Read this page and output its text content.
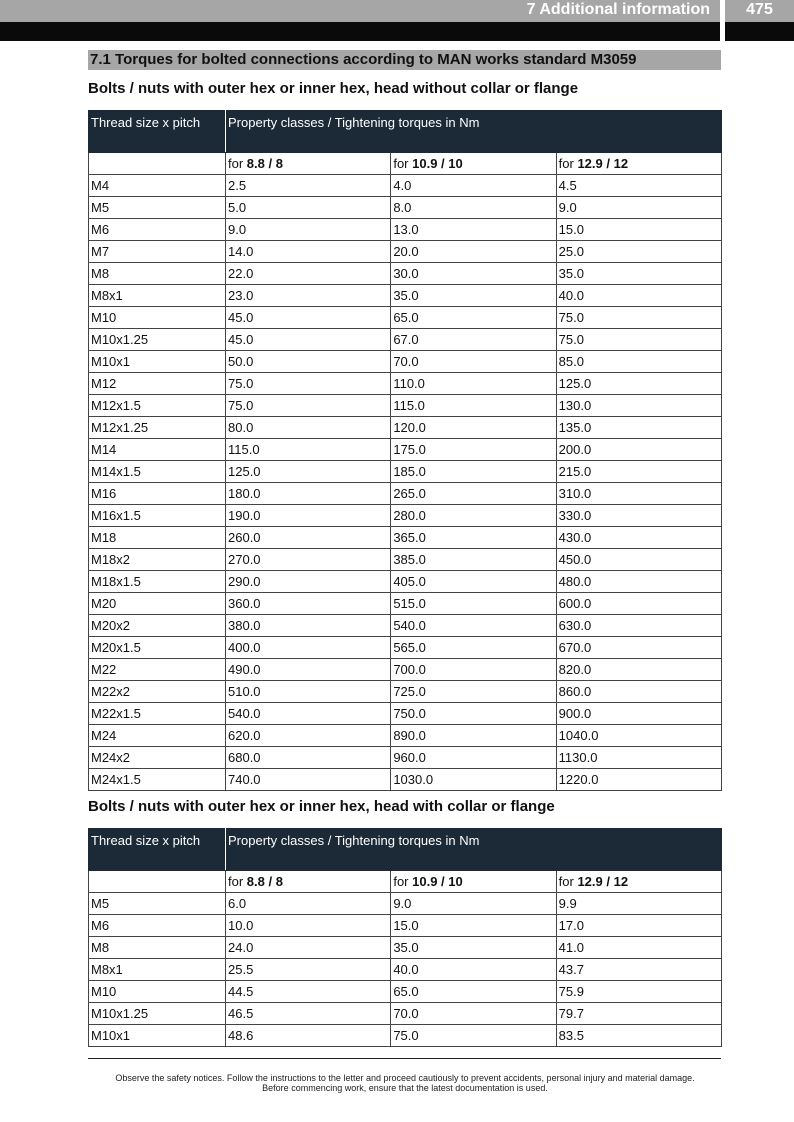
7 Additional information	475
7.1 Torques for bolted connections according to MAN works standard M3059
Bolts / nuts with outer hex or inner hex, head without collar or flange
Thread size x pitch	Property classes / Tightening torques in Nm		
	for 8.8 / 8	for 10.9 / 10	for 12.9 / 12
M4	2.5	4.0	4.5
M5	5.0	8.0	9.0
M6	9.0	13.0	15.0
M7	14.0	20.0	25.0
M8	22.0	30.0	35.0
M8x1	23.0	35.0	40.0
M10	45.0	65.0	75.0
M10x1.25	45.0	67.0	75.0
M10x1	50.0	70.0	85.0
M12	75.0	110.0	125.0
M12x1.5	75.0	115.0	130.0
M12x1.25	80.0	120.0	135.0
M14	115.0	175.0	200.0
M14x1.5	125.0	185.0	215.0
M16	180.0	265.0	310.0
M16x1.5	190.0	280.0	330.0
M18	260.0	365.0	430.0
M18x2	270.0	385.0	450.0
M18x1.5	290.0	405.0	480.0
M20	360.0	515.0	600.0
M20x2	380.0	540.0	630.0
M20x1.5	400.0	565.0	670.0
M22	490.0	700.0	820.0
M22x2	510.0	725.0	860.0
M22x1.5	540.0	750.0	900.0
M24	620.0	890.0	1040.0
M24x2	680.0	960.0	1130.0
M24x1.5	740.0	1030.0	1220.0
Bolts / nuts with outer hex or inner hex, head with collar or flange
Thread size x pitch	Property classes / Tightening torques in Nm		
	for 8.8 / 8	for 10.9 / 10	for 12.9 / 12
M5	6.0	9.0	9.9
M6	10.0	15.0	17.0
M8	24.0	35.0	41.0
M8x1	25.5	40.0	43.7
M10	44.5	65.0	75.9
M10x1.25	46.5	70.0	79.7
M10x1	48.6	75.0	83.5
Observe the safety notices. Follow the instructions to the letter and proceed cautiously to prevent accidents, personal injury and material damage.
Before commencing work, ensure that the latest documentation is used.
